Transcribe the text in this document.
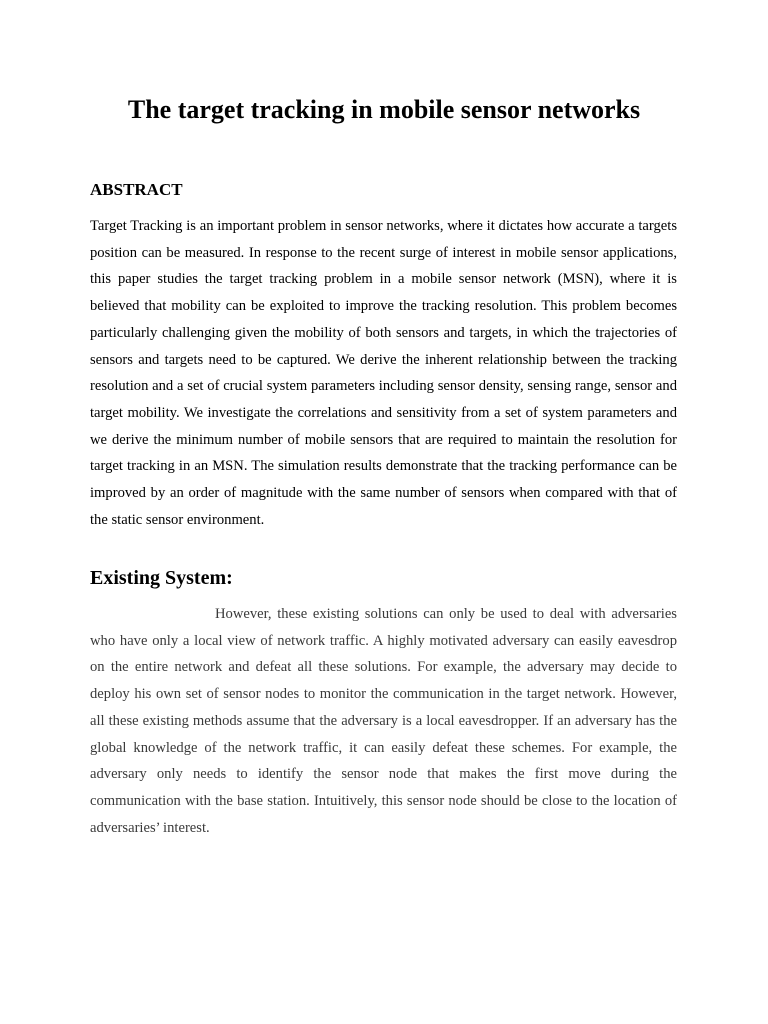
The target tracking in mobile sensor networks
ABSTRACT

Target Tracking is an important problem in sensor networks, where it dictates how accurate a targets position can be measured. In response to the recent surge of interest in mobile sensor applications, this paper studies the target tracking problem in a mobile sensor network (MSN), where it is believed that mobility can be exploited to improve the tracking resolution. This problem becomes particularly challenging given the mobility of both sensors and targets, in which the trajectories of sensors and targets need to be captured. We derive the inherent relationship between the tracking resolution and a set of crucial system parameters including sensor density, sensing range, sensor and target mobility. We investigate the correlations and sensitivity from a set of system parameters and we derive the minimum number of mobile sensors that are required to maintain the resolution for target tracking in an MSN. The simulation results demonstrate that the tracking performance can be improved by an order of magnitude with the same number of sensors when compared with that of the static sensor environment.

Existing System:

However, these existing solutions can only be used to deal with adversaries who have only a local view of network traffic. A highly motivated adversary can easily eavesdrop on the entire network and defeat all these solutions. For example, the adversary may decide to deploy his own set of sensor nodes to monitor the communication in the target network. However, all these existing methods assume that the adversary is a local eavesdropper. If an adversary has the global knowledge of the network traffic, it can easily defeat these schemes. For example, the adversary only needs to identify the sensor node that makes the first move during the communication with the base station. Intuitively, this sensor node should be close to the location of adversaries’ interest.
